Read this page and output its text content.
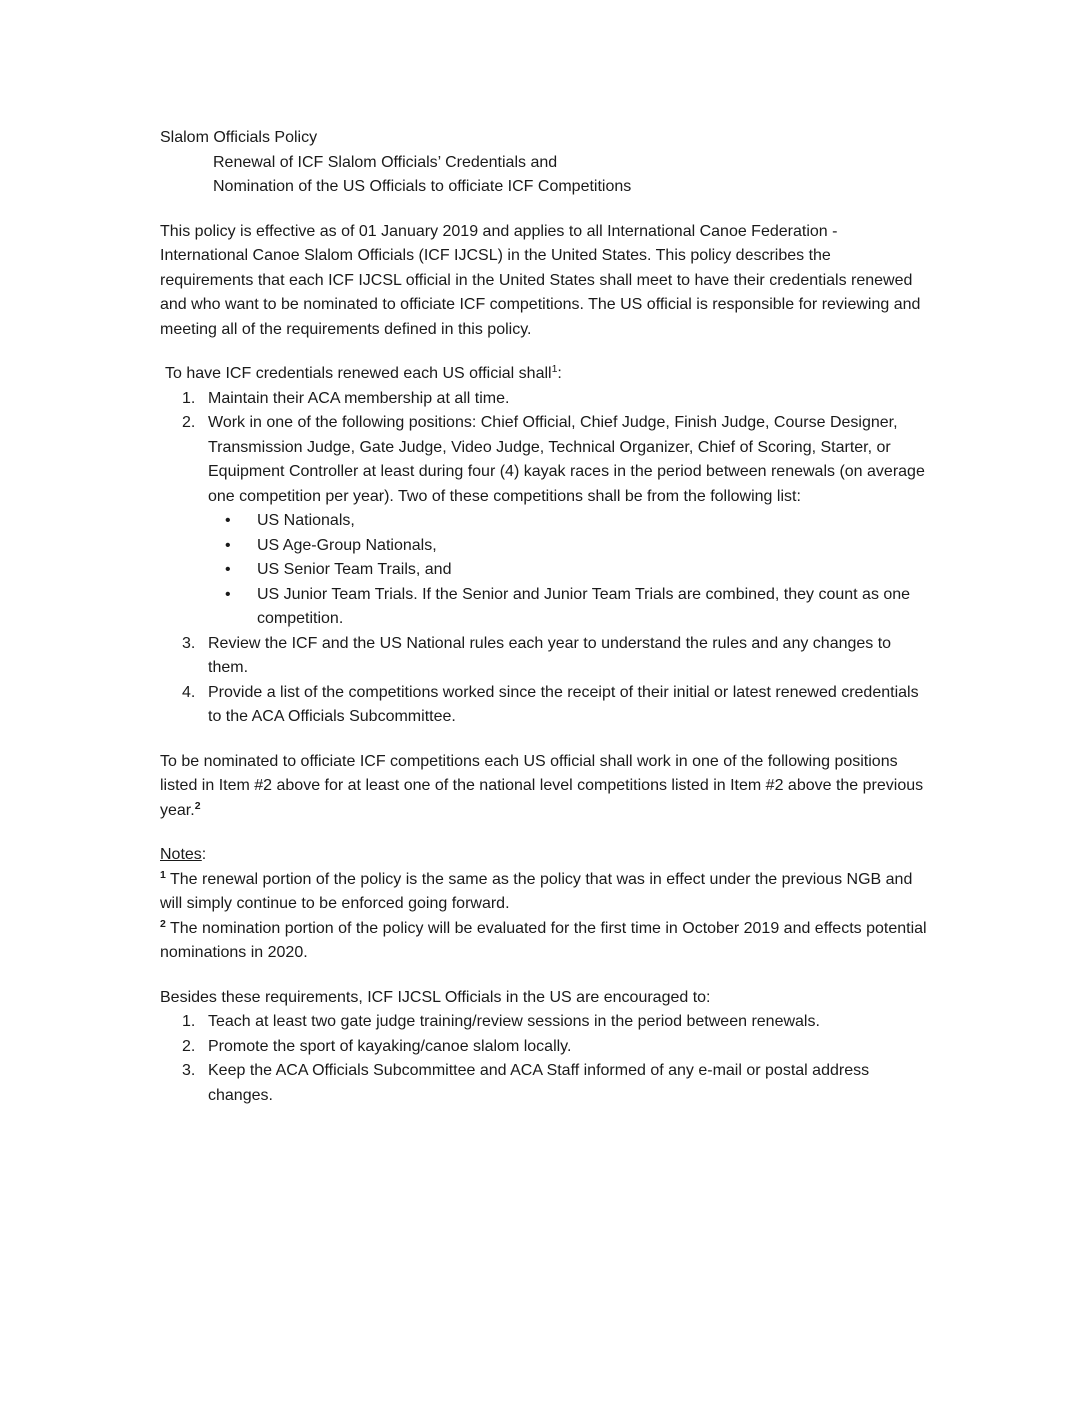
Slalom Officials Policy

Renewal of ICF Slalom Officials’ Credentials and

Nomination of the US Officials to officiate ICF Competitions

This policy is effective as of 01 January 2019 and applies to all International Canoe Federation - International Canoe Slalom Officials (ICF IJCSL) in the United States. This policy describes the requirements that each ICF IJCSL official in the United States shall meet to have their credentials renewed and who want to be nominated to officiate ICF competitions. The US official is responsible for reviewing and meeting all of the requirements defined in this policy.

To have ICF credentials renewed each US official shall$^1$:

Maintain their ACA membership at all time.
Work in one of the following positions: Chief Official, Chief Judge, Finish Judge, Course Designer, Transmission Judge, Gate Judge, Video Judge, Technical Organizer, Chief of Scoring, Starter, or Equipment Controller at least during four (4) kayak races in the period between renewals (on average one competition per year). Two of these competitions shall be from the following list:
• US Nationals,
• US Age-Group Nationals,
• US Senior Team Trails, and
• US Junior Team Trials. If the Senior and Junior Team Trials are combined, they count as one competition.
Review the ICF and the US National rules each year to understand the rules and any changes to them.
Provide a list of the competitions worked since the receipt of their initial or latest renewed credentials to the ACA Officials Subcommittee.

To be nominated to officiate ICF competitions each US official shall work in one of the following positions listed in Item #2 above for at least one of the national level competitions listed in Item #2 above the previous year.$^2$

Notes:

$^1$ The renewal portion of the policy is the same as the policy that was in effect under the previous NGB and will simply continue to be enforced going forward.

$^2$ The nomination portion of the policy will be evaluated for the first time in October 2019 and effects potential nominations in 2020.

Besides these requirements, ICF IJCSL Officials in the US are encouraged to:

Teach at least two gate judge training/review sessions in the period between renewals.
Promote the sport of kayaking/canoe slalom locally.
Keep the ACA Officials Subcommittee and ACA Staff informed of any e-mail or postal address changes.
